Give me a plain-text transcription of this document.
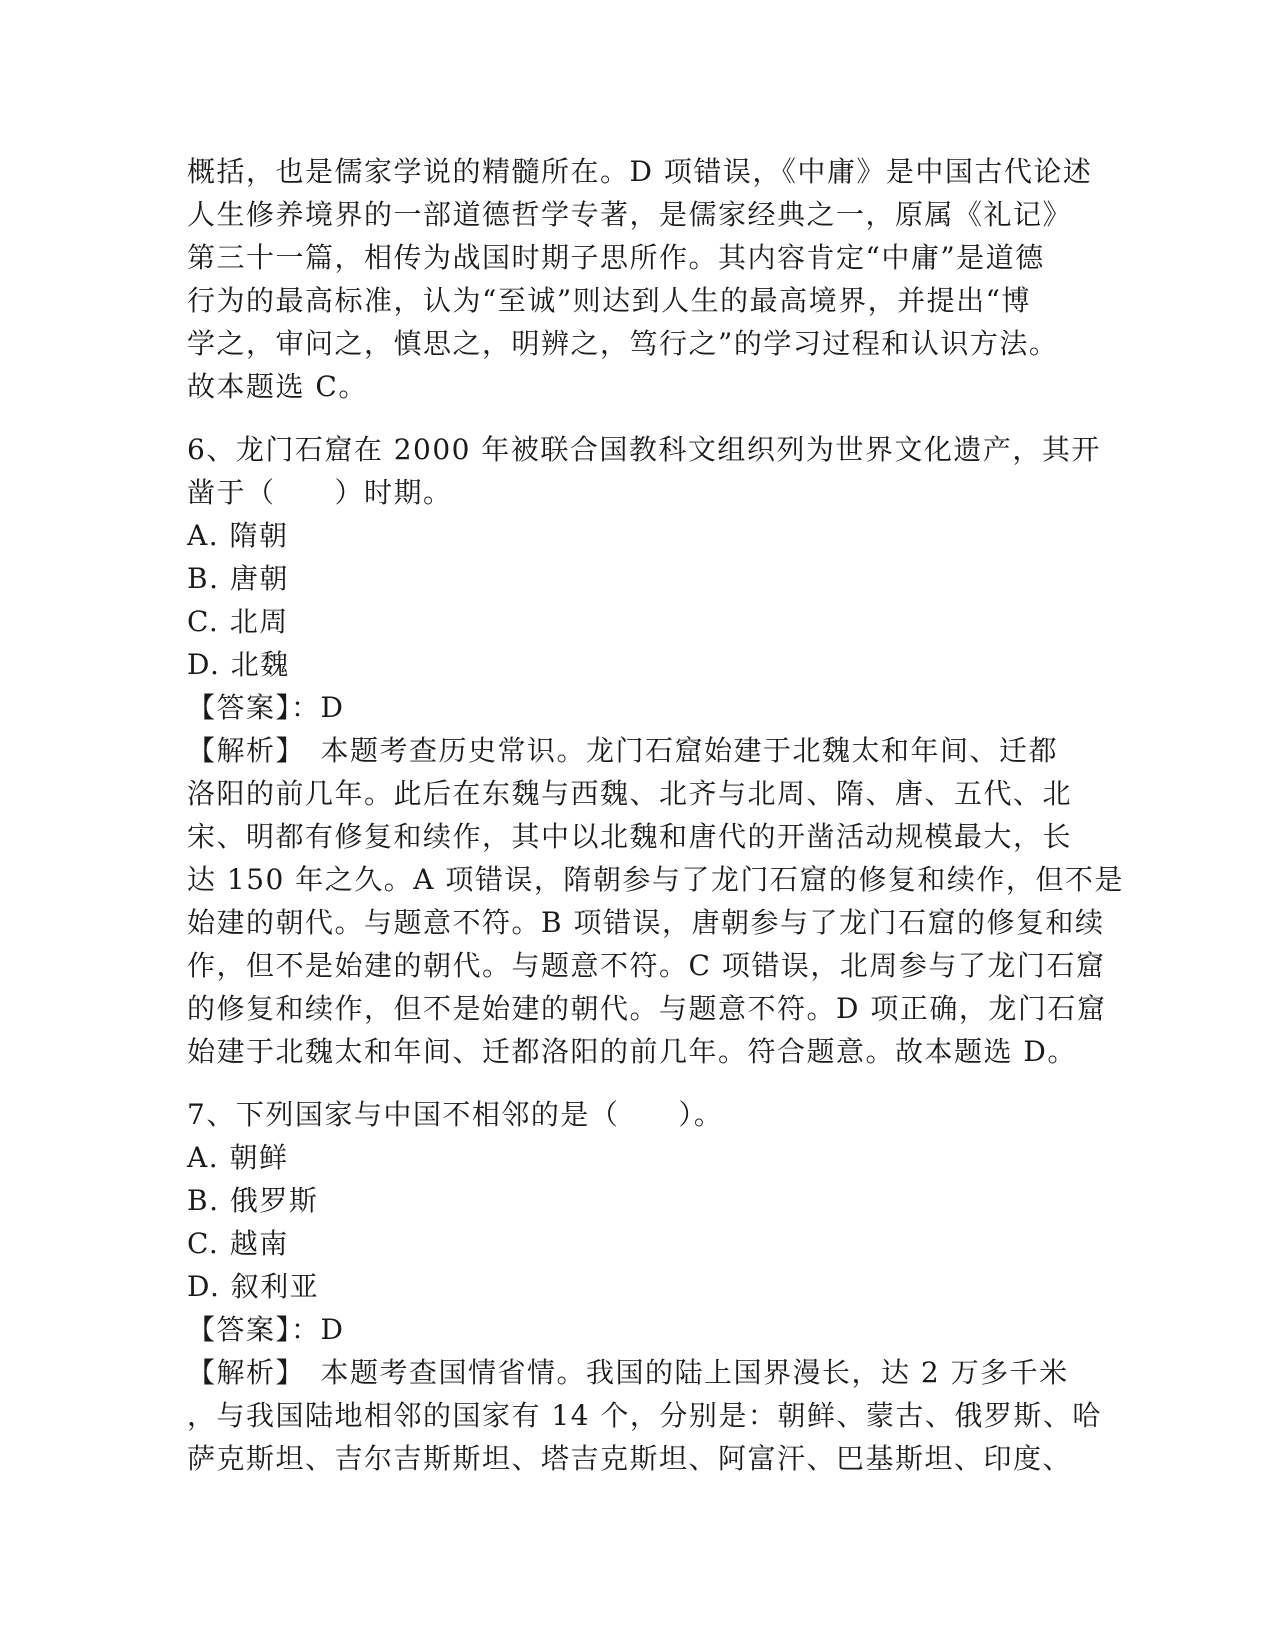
概括，也是儒家学说的精髓所在。D 项错误，《中庸》是中国古代论述
人生修养境界的一部道德哲学专著，是儒家经典之一，原属《礼记》
第三十一篇，相传为战国时期子思所作。其内容肯定“中庸”是道德
行为的最高标准，认为“至诚”则达到人生的最高境界，并提出“博
学之，审问之，慎思之，明辨之，笃行之”的学习过程和认识方法。
故本题选 C。
6、龙门石窟在 2000 年被联合国教科文组织列为世界文化遗产，其开
凿于（　　）时期。
A. 隋朝
B. 唐朝
C. 北周
D. 北魏
【答案】：D
【解析】　本题考查历史常识。龙门石窟始建于北魏太和年间、迁都
洛阳的前几年。此后在东魏与西魏、北齐与北周、隋、唐、五代、北
宋、明都有修复和续作，其中以北魏和唐代的开凿活动规模最大，长
达 150 年之久。A 项错误，隋朝参与了龙门石窟的修复和续作，但不是
始建的朝代。与题意不符。B 项错误，唐朝参与了龙门石窟的修复和续
作，但不是始建的朝代。与题意不符。C 项错误，北周参与了龙门石窟
的修复和续作，但不是始建的朝代。与题意不符。D 项正确，龙门石窟
始建于北魏太和年间、迁都洛阳的前几年。符合题意。故本题选 D。
7、下列国家与中国不相邻的是（　　）。
A. 朝鲜
B. 俄罗斯
C. 越南
D. 叙利亚
【答案】：D
【解析】　本题考查国情省情。我国的陆上国界漫长，达 2 万多千米
，与我国陆地相邻的国家有 14 个，分别是：朝鲜、蒙古、俄罗斯、哈
萨克斯坦、吉尔吉斯斯坦、塔吉克斯坦、阿富汗、巴基斯坦、印度、
